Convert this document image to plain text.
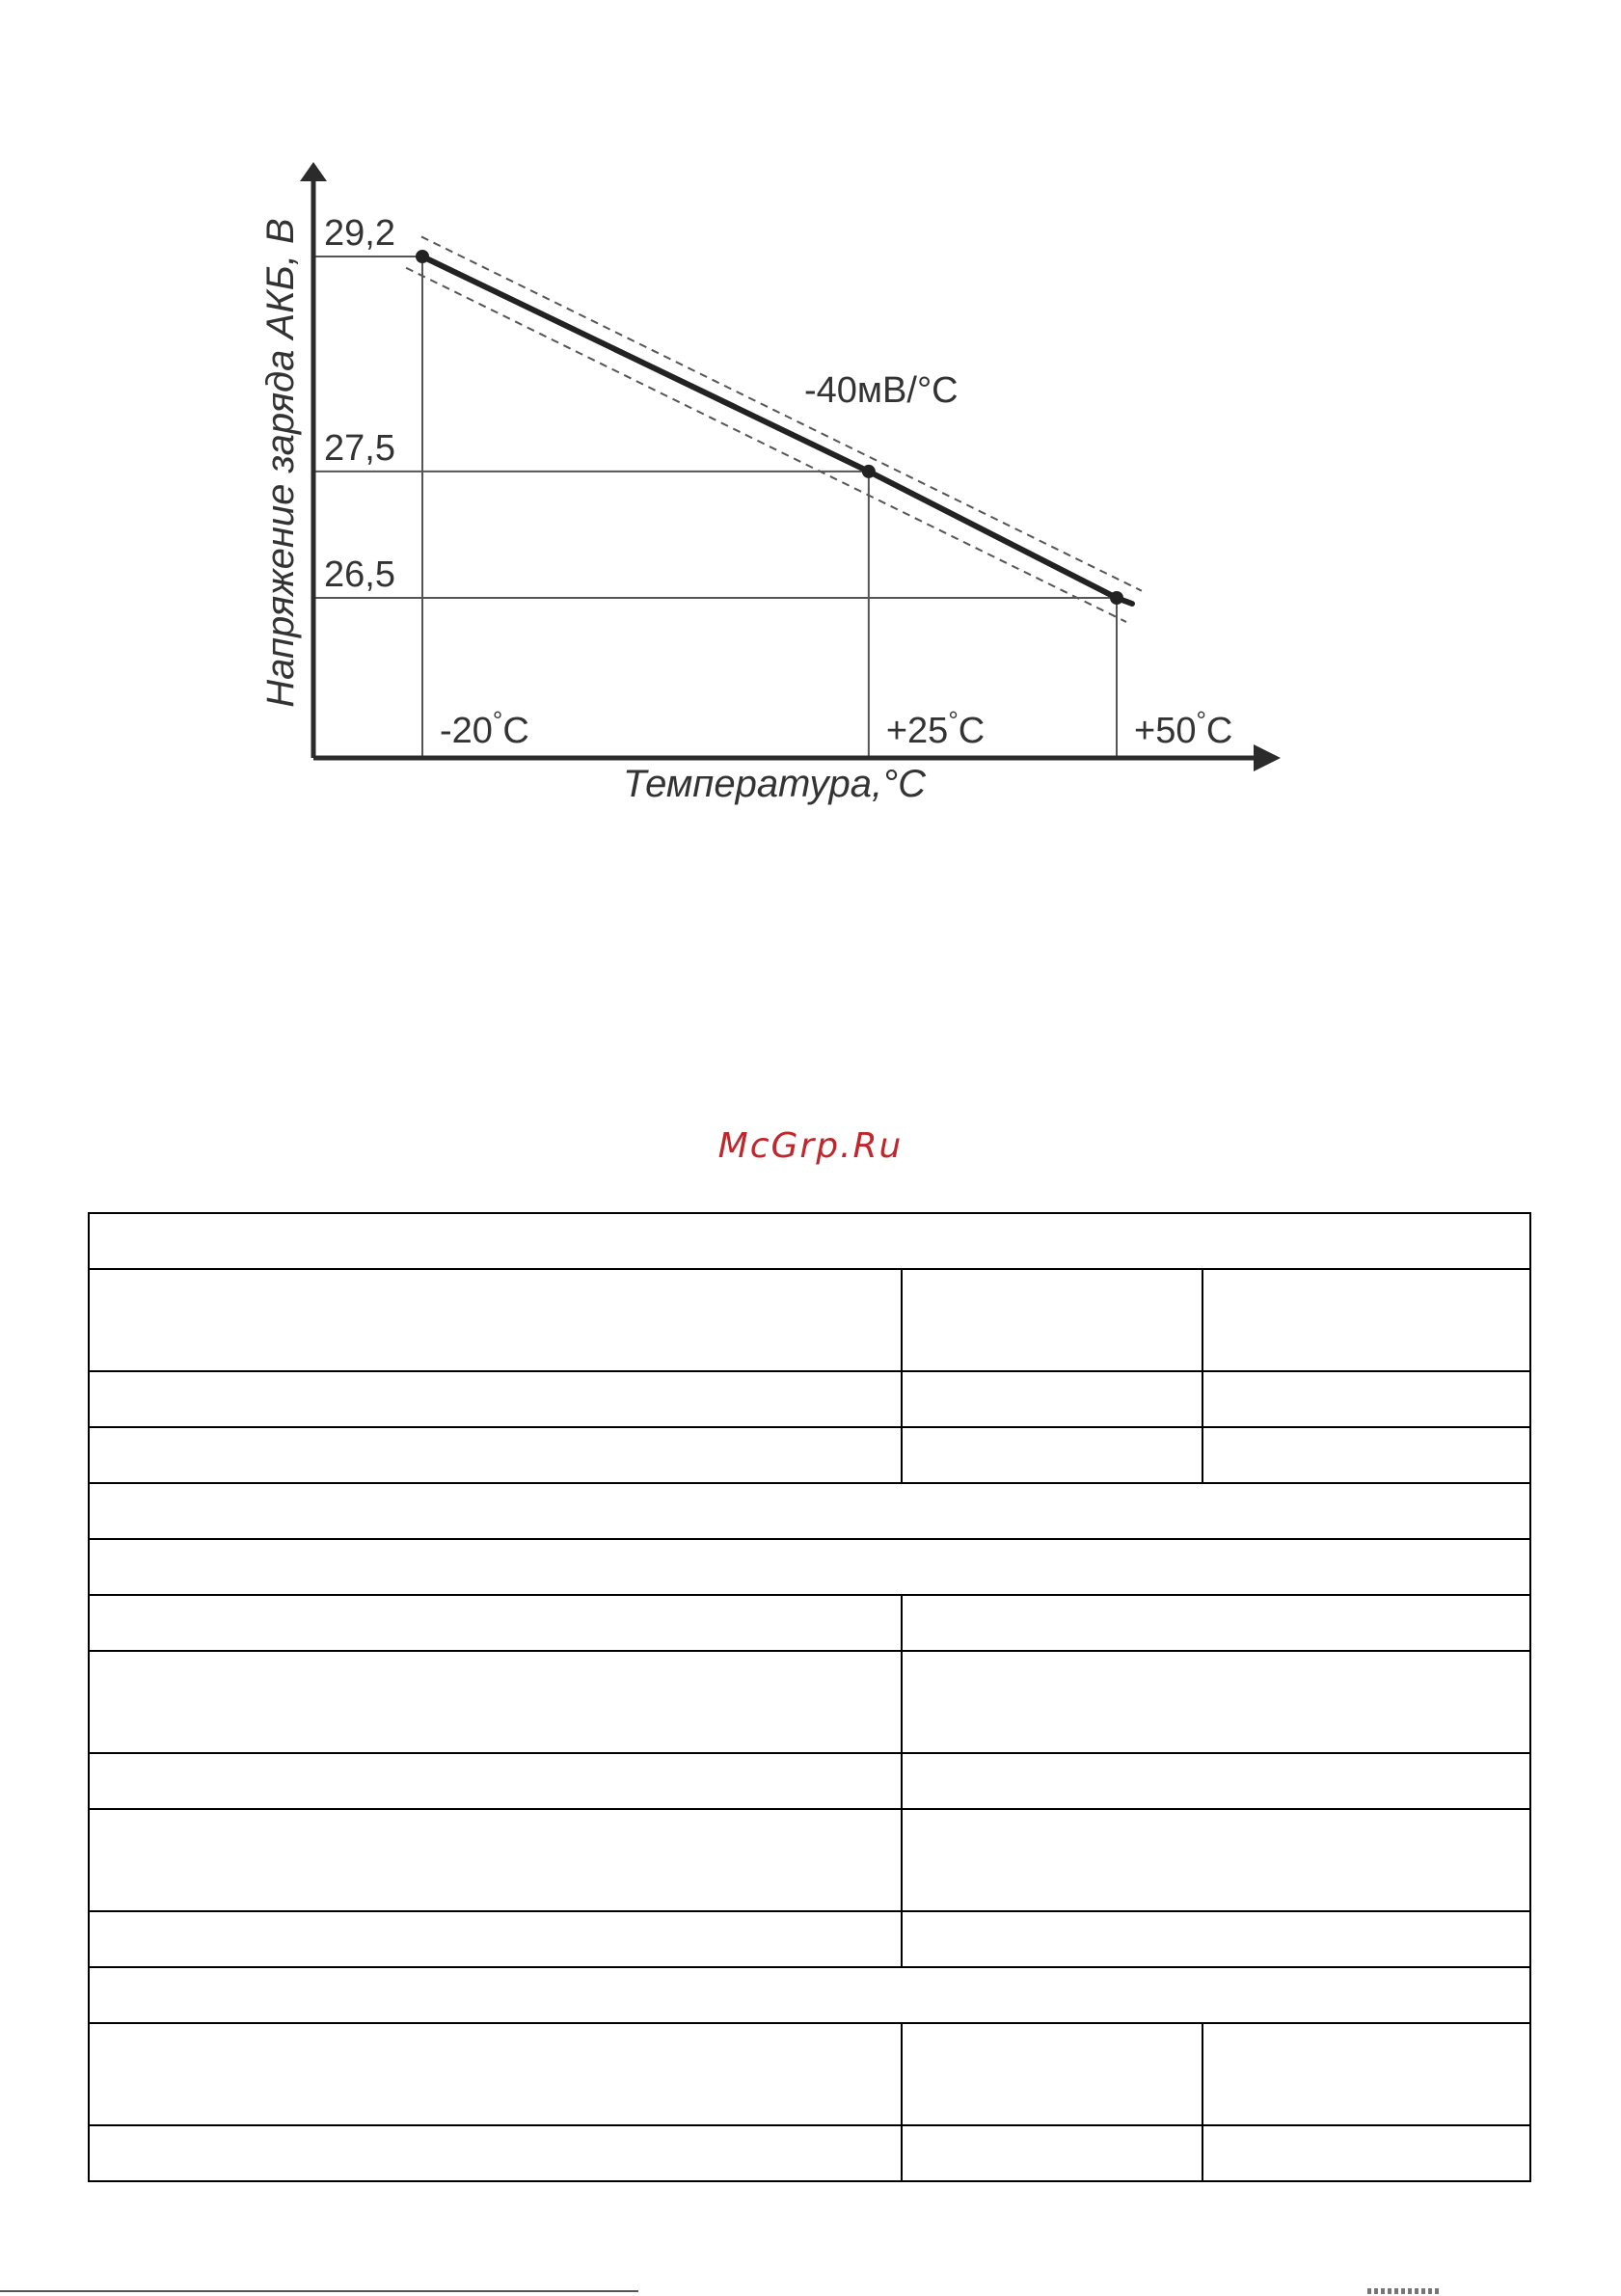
29,2
27,5
26,5
-20°С	+25°С	+50°С
Температура,°С
Напряжение заряда АКБ, В	-40мВ/°С
McGrp.Ru
